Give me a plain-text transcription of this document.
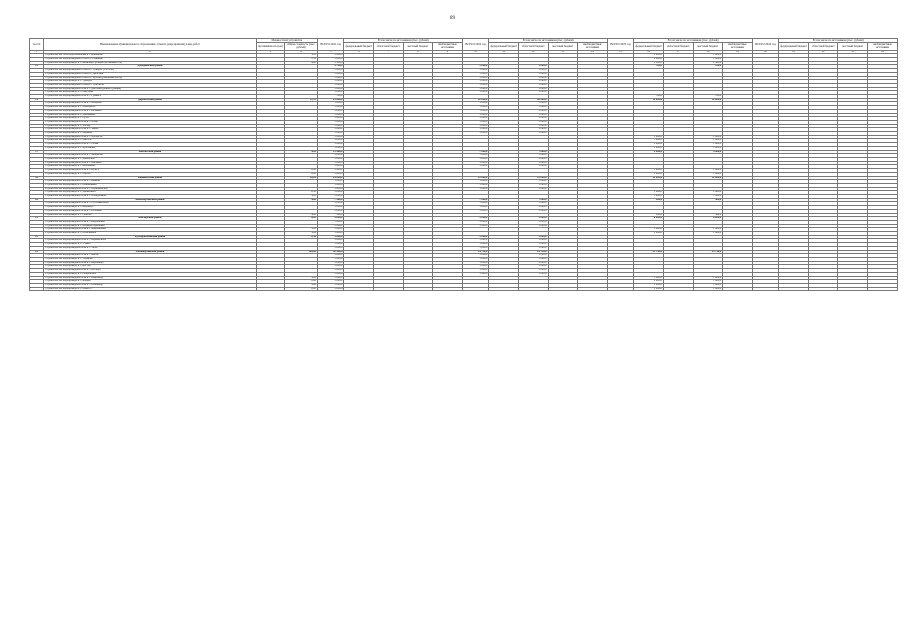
89
№ п/п	Наименование муниципального образования, объекта (мероприятия) и вид работ	Мощностной устройства		ВСЕГО 2021 год	В том числе по источникам (тыс. рублей)				ВСЕГО 2022 год	В том числе по источникам (тыс. рублей)				ВСЕГО 2023 год	В том числе по источникам (тыс. рублей)				ВСЕГО 2024 год	В том числе по источникам (тыс. рублей)			
		протяжённость (км)	общая стоимость (тыс. рублей)		федеральный бюджет	областной бюджет	местный бюджет	внебюджетные источники		федеральный бюджет	областной бюджет	местный бюджет	внебюджетные источники		федеральный бюджет	областной бюджет	местный бюджет	внебюджетные источники		федеральный бюджет	областной бюджет	местный бюджет	внебюджетные источники
1	2	3	4	5	6	7	8	9	10	11	12	13	14	15	16	17	18	19	20	21	22	23	24
	Строительство сети водоснабжения в г. Буйнакске		3,85	1 900,0											1 900,0		1 900,0						
	Строительство водопроводных сетей в г. Гоньково		1,32	1 000,0											1 000,0		1 000,0						
	Строительство водопровода в с. Кизилюрт (общая протяжённость)		4,00	1 300,0											1 300,0		1 300,0						
13	Дахадаевский район			4 700,0					1 000,0		1 000,0				700,0		700,0						
	Строительство водопроводных сетей в с. Уркарах (1-й этап)			1 000,0					1 000,0		1 000,0												
	Строительство водопроводных сетей в с. Дибгаши			1 000,0					1 000,0		1 000,0												
	Строительство водопроводных сетей в с. Кубачи (районный центр)			1 000,0					1 000,0		1 000,0												
	Строительство водопровода в с. Уркарах			1 000,0					1 000,0		1 000,0												
	Строительство водопроводных сетей в с. Трисанчи			1 000,0					1 000,0		1 000,0												
	Строительство водопроводной сети в с. Дибгаши (реконструкция)			1 000,0					1 000,0		1 000,0												
	Строительство водопровода в с. Меусиша			1 000,0					1 000,0		1 000,0												
	Строительство водопроводной сети в с. Гуймиса			700,0											700,0		700,0						
14	Дербентский район		11,51	25 000,0					20 000,0		20 000,0				10 000,0		10 000,0						
	Строительство водопроводной сети в с. Белиджи			1 000,0					1 000,0		1 000,0												
	Строительство водопровода в с. Мамедкала			1 000,0					1 000,0		1 000,0												
	Строительство водопроводной сети в с. Великент			1 000,0					1 000,0		1 000,0												
	Строительство водопровода в с. Джемикент			1 000,0					1 000,0		1 000,0												
	Строительство водопровода в с. Рубас			1 000,0					1 000,0		1 000,0												
	Строительство водопроводной сети в с. Хазар			1 000,0					1 000,0		1 000,0												
	Строительство водопровода в с. Татляр			1 000,0					1 000,0		1 000,0												
	Строительство водопроводной сети в с. Чинар			1 000,0					1 000,0		1 000,0												
	Строительство водопровода в с. Берикей			1 000,0					1 000,0		1 000,0												
	Строительство водопроводной сети в с. Мугерган			1 000,0											1 000,0		1 000,0						
	Строительство водопровода в с. Митаги			1 000,0											1 000,0		1 000,0						
	Строительство водопроводной сети в с. Салик			1 000,0											1 000,0		1 000,0						
	Строительство водопровода в с. Араблинка			1 000,0											1 000,0		1 000,0						
17	Кайтагский район		4,20	11 400,0					7 000,0		7 000,0				4 400,0		4 400,0						
	Строительство водопроводной сети в с. Маджалис			1 000,0					1 000,0		1 000,0												
	Строительство водопровода в с. Джибахни			1 000,0					1 000,0		1 000,0												
	Строительство водопроводной сети в с. Янгикент			1 000,0					1 000,0		1 000,0												
	Строительство водопровода в с. Башлыкент			1 000,0					1 000,0		1 000,0												
	Строительство водопроводной сети в с. Кулегу		2,00	1 400,0											1 400,0		1 400,0						
	Строительство водопровода в с. Варсит		2,20	1 000,0											1 000,0		1 000,0						
18	Каякентский район		10,20	24 000,0					12 000,0		12 000,0				12 000,0		12 000,0						
	Строительство водопроводной сети в с. Каякент			1 000,0					1 000,0		1 000,0												
	Строительство водопровода в с. Новокаякент			1 000,0					1 000,0		1 000,0												
	Строительство водопроводной сети в с. Первомайское			1 000,0					1 000,0		1 000,0												
	Строительство водопровода в с. Джаваткент		2,50	1 000,0											1 000,0		1 000,0						
	Строительство водопроводной сети в с. Алхаджакент		3,00	1 000,0											1 000,0		1 000,0						
20	Кизилюртовский район		4,80	7 500,0					7 000,0		7 000,0				500,0		500,0						
	Строительство водопроводной сети в с. Султанянгиюрт			1 000,0					1 000,0		1 000,0												
	Строительство водопровода в с. Кироваул			1 000,0					1 000,0		1 000,0												
	Строительство водопроводной сети в с. Нечаевка			1 000,0					1 000,0		1 000,0												
	Строительство водопровода в с. Гельбах		4,80	500,0											500,0		500,0						
21	Кизлярский район		6,00	9 000,0					3 000,0		3 000,0				6 000,0		6 000,0						
	Строительство водопроводной сети в с. Кардоновка			1 000,0					1 000,0		1 000,0												
	Строительство водопровода в с. Большая Арешевка			1 000,0					1 000,0		1 000,0												
	Строительство водопроводной сети в с. Аверьяновка		3,00	1 000,0											1 000,0		1 000,0						
	Строительство водопровода в с. Юбилейное		3,00	1 000,0											1 000,0		1 000,0						
22	Кумторкалинский район		2,50	3 000,0					3 000,0		3 000,0												
	Строительство водопроводной сети в с. Коркмаскала			1 000,0					1 000,0		1 000,0												
	Строительство водопровода в с. Учкент			1 000,0					1 000,0		1 000,0												
	Строительство водопроводной сети в с. Тюбе			1 000,0					1 000,0		1 000,0												
23	Хасавюртовский район		100,60	50 500,0					24 750,0		24 750,0				25 750,0		25 750,0						
	Строительство водопроводной сети в с. Аксай			1 000,0					1 000,0		1 000,0												
	Строительство водопровода в с. Эндирей			1 000,0					1 000,0		1 000,0												
	Строительство водопроводной сети в с. Карланюрт			1 000,0					1 000,0		1 000,0												
	Строительство водопровода в с. Костек			1 000,0					1 000,0		1 000,0												
	Строительство водопроводной сети в с. Ботаюрт			1 000,0					1 000,0		1 000,0												
	Строительство водопровода в с. Покровское			1 000,0					1 000,0		1 000,0												
	Строительство водопроводной сети в с. Байрамаул		3,00	1 000,0											1 000,0		1 000,0						
	Строительство водопровода в с. Кокрек		2,60	1 000,0											1 000,0		1 000,0						
	Строительство водопроводной сети в с. Османюрт		3,00	1 000,0											1 000,0		1 000,0						
	Строительство водопровода в с. Моксоб		2,00	1 000,0											1 000,0		1 000,0						
